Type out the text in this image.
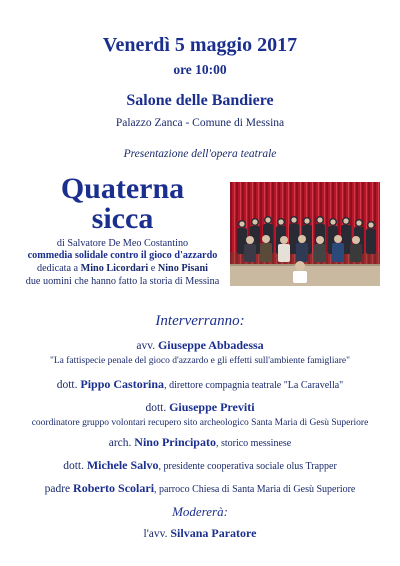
Venerdì 5 maggio 2017
ore 10:00
Salone delle Bandiere
Palazzo Zanca - Comune di Messina
Presentazione dell'opera teatrale
Quaterna
sicca
di Salvatore De Meo Costantino
commedia solidale contro il gioco d'azzardo
dedicata a Mino Licordari e Nino Pisani
due uomini che hanno fatto la storia di Messina
Interverranno:
avv. Giuseppe Abbadessa
"La fattispecie penale del gioco d'azzardo e gli effetti sull'ambiente famigliare"
dott. Pippo Castorina, direttore compagnia teatrale "La Caravella"
dott. Giuseppe Previti
coordinatore gruppo volontari recupero sito archeologico Santa Maria di Gesù Superiore
arch. Nino Principato, storico messinese
dott. Michele Salvo, presidente cooperativa sociale olus Trapper
padre Roberto Scolari, parroco Chiesa di Santa Maria di Gesù Superiore
Modererà:
l'avv. Silvana Paratore
